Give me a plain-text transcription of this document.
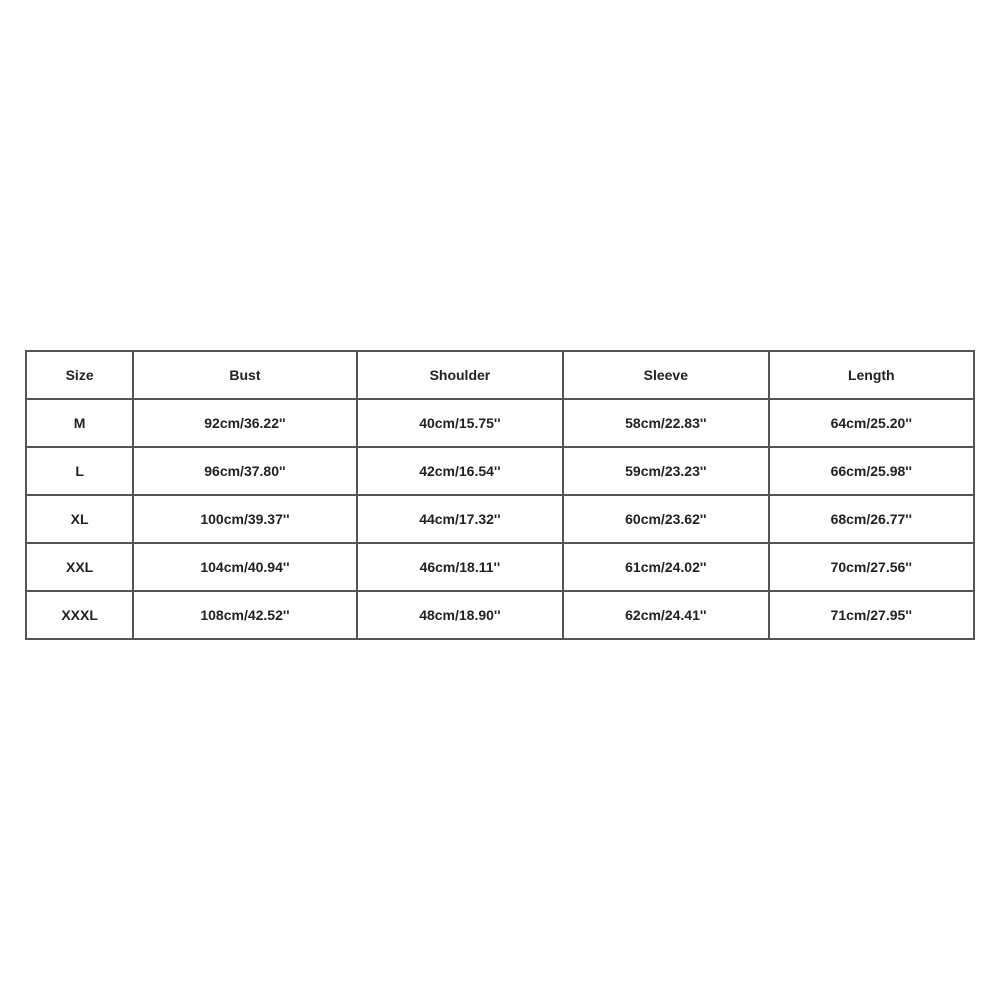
Size	Bust	Shoulder	Sleeve	Length
M	92cm/36.22''	40cm/15.75''	58cm/22.83''	64cm/25.20''
L	96cm/37.80''	42cm/16.54''	59cm/23.23''	66cm/25.98''
XL	100cm/39.37''	44cm/17.32''	60cm/23.62''	68cm/26.77''
XXL	104cm/40.94''	46cm/18.11''	61cm/24.02''	70cm/27.56''
XXXL	108cm/42.52''	48cm/18.90''	62cm/24.41''	71cm/27.95''
